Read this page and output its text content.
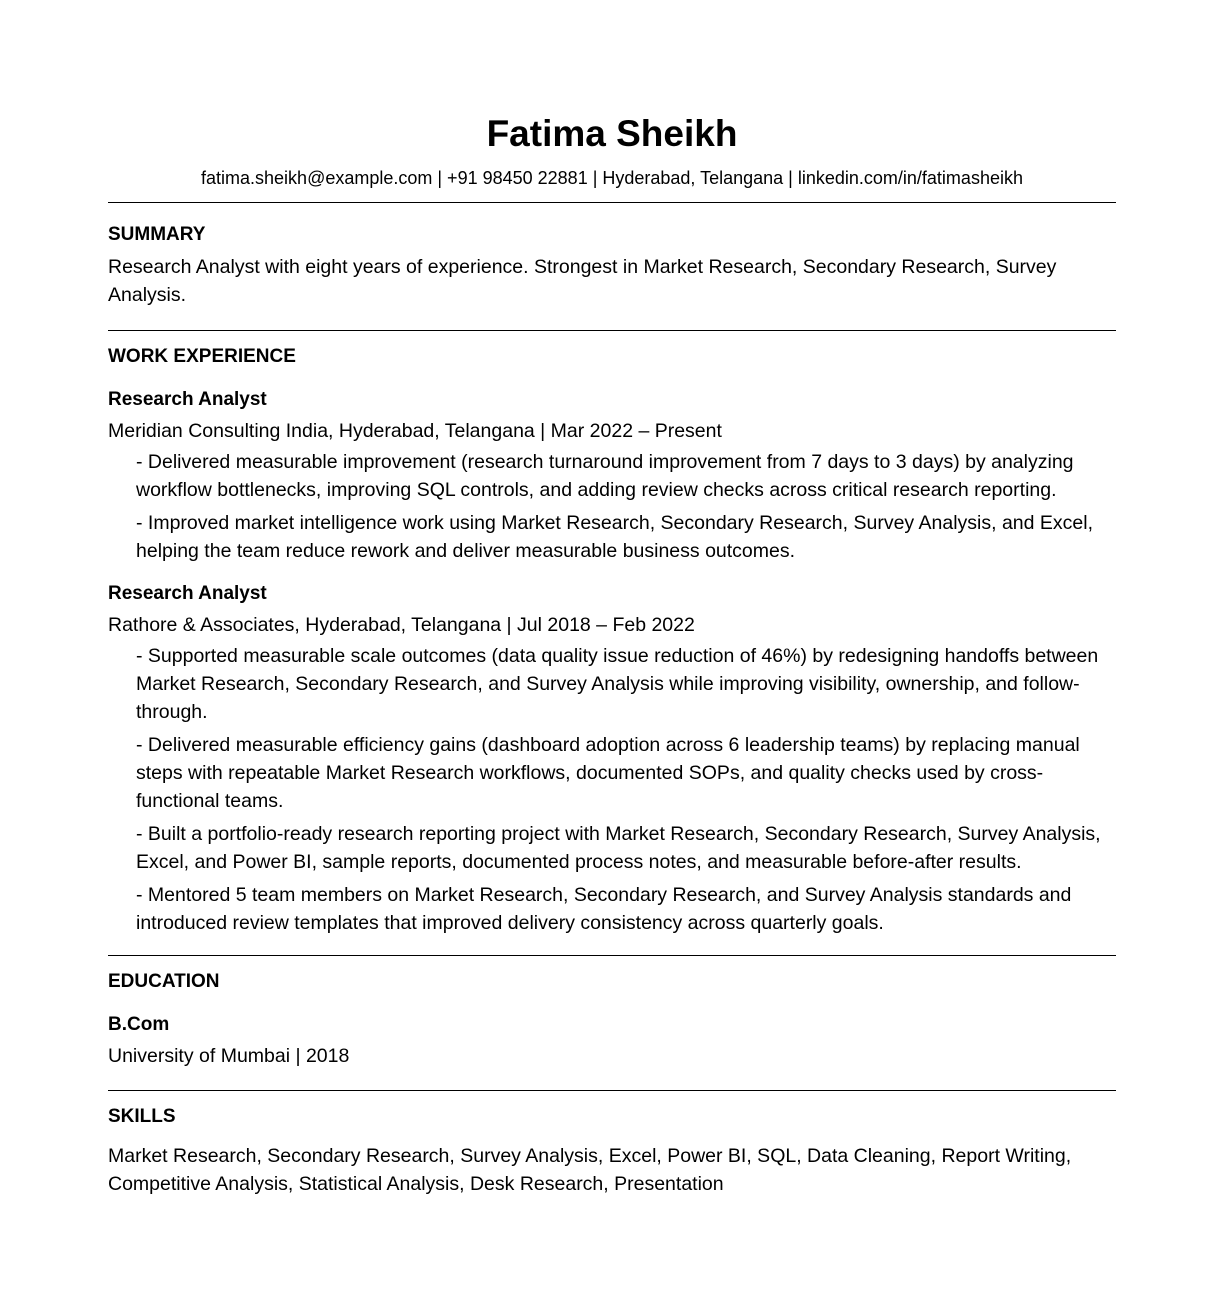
Fatima Sheikh
fatima.sheikh@example.com | +91 98450 22881 | Hyderabad, Telangana | linkedin.com/in/fatimasheikh
SUMMARY
Research Analyst with eight years of experience. Strongest in Market Research, Secondary Research, Survey Analysis.
WORK EXPERIENCE
Research Analyst
Meridian Consulting India, Hyderabad, Telangana | Mar 2022 – Present
- Delivered measurable improvement (research turnaround improvement from 7 days to 3 days) by analyzing workflow bottlenecks, improving SQL controls, and adding review checks across critical research reporting.
- Improved market intelligence work using Market Research, Secondary Research, Survey Analysis, and Excel, helping the team reduce rework and deliver measurable business outcomes.
Research Analyst
Rathore & Associates, Hyderabad, Telangana | Jul 2018 – Feb 2022
- Supported measurable scale outcomes (data quality issue reduction of 46%) by redesigning handoffs between Market Research, Secondary Research, and Survey Analysis while improving visibility, ownership, and follow-through.
- Delivered measurable efficiency gains (dashboard adoption across 6 leadership teams) by replacing manual steps with repeatable Market Research workflows, documented SOPs, and quality checks used by cross-functional teams.
- Built a portfolio-ready research reporting project with Market Research, Secondary Research, Survey Analysis, Excel, and Power BI, sample reports, documented process notes, and measurable before-after results.
- Mentored 5 team members on Market Research, Secondary Research, and Survey Analysis standards and introduced review templates that improved delivery consistency across quarterly goals.
EDUCATION
B.Com
University of Mumbai | 2018
SKILLS
Market Research, Secondary Research, Survey Analysis, Excel, Power BI, SQL, Data Cleaning, Report Writing, Competitive Analysis, Statistical Analysis, Desk Research, Presentation
